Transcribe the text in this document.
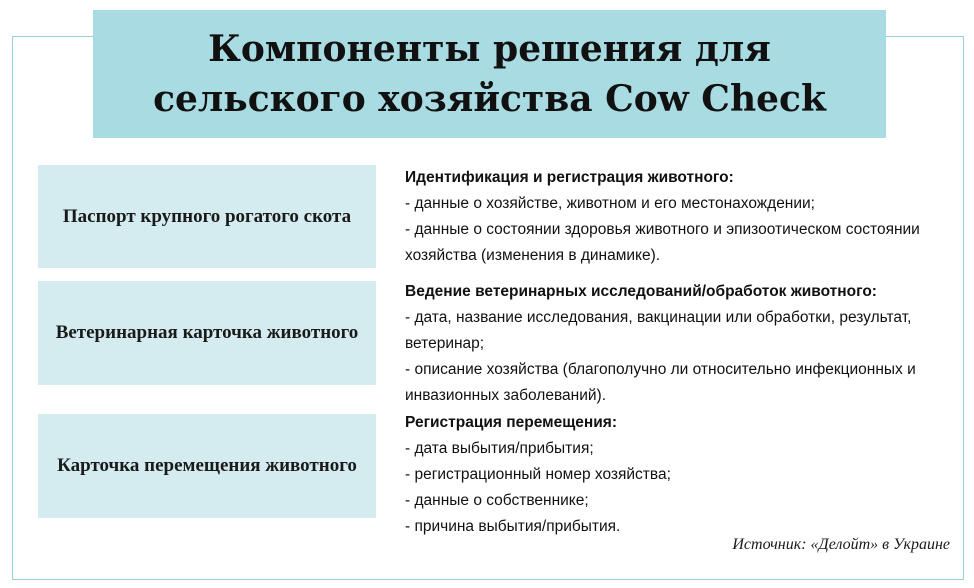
Компоненты решения для сельского хозяйства Cow Check
Паспорт крупного рогатого скота
Ветеринарная карточка животного
Карточка перемещения животного
Идентификация и регистрация животного:
- данные о хозяйстве, животном и его местонахождении;
- данные о состоянии здоровья животного и эпизоотическом состоянии хозяйства (изменения в динамике).
Ведение ветеринарных исследований/обработок животного:
- дата, название исследования, вакцинации или обработки, результат, ветеринар;
- описание хозяйства (благополучно ли относительно инфекционных и инвазионных заболеваний).
Регистрация перемещения:
- дата выбытия/прибытия;
- регистрационный номер хозяйства;
- данные о собственнике;
- причина выбытия/прибытия.
Источник: «Делойт» в Украине
